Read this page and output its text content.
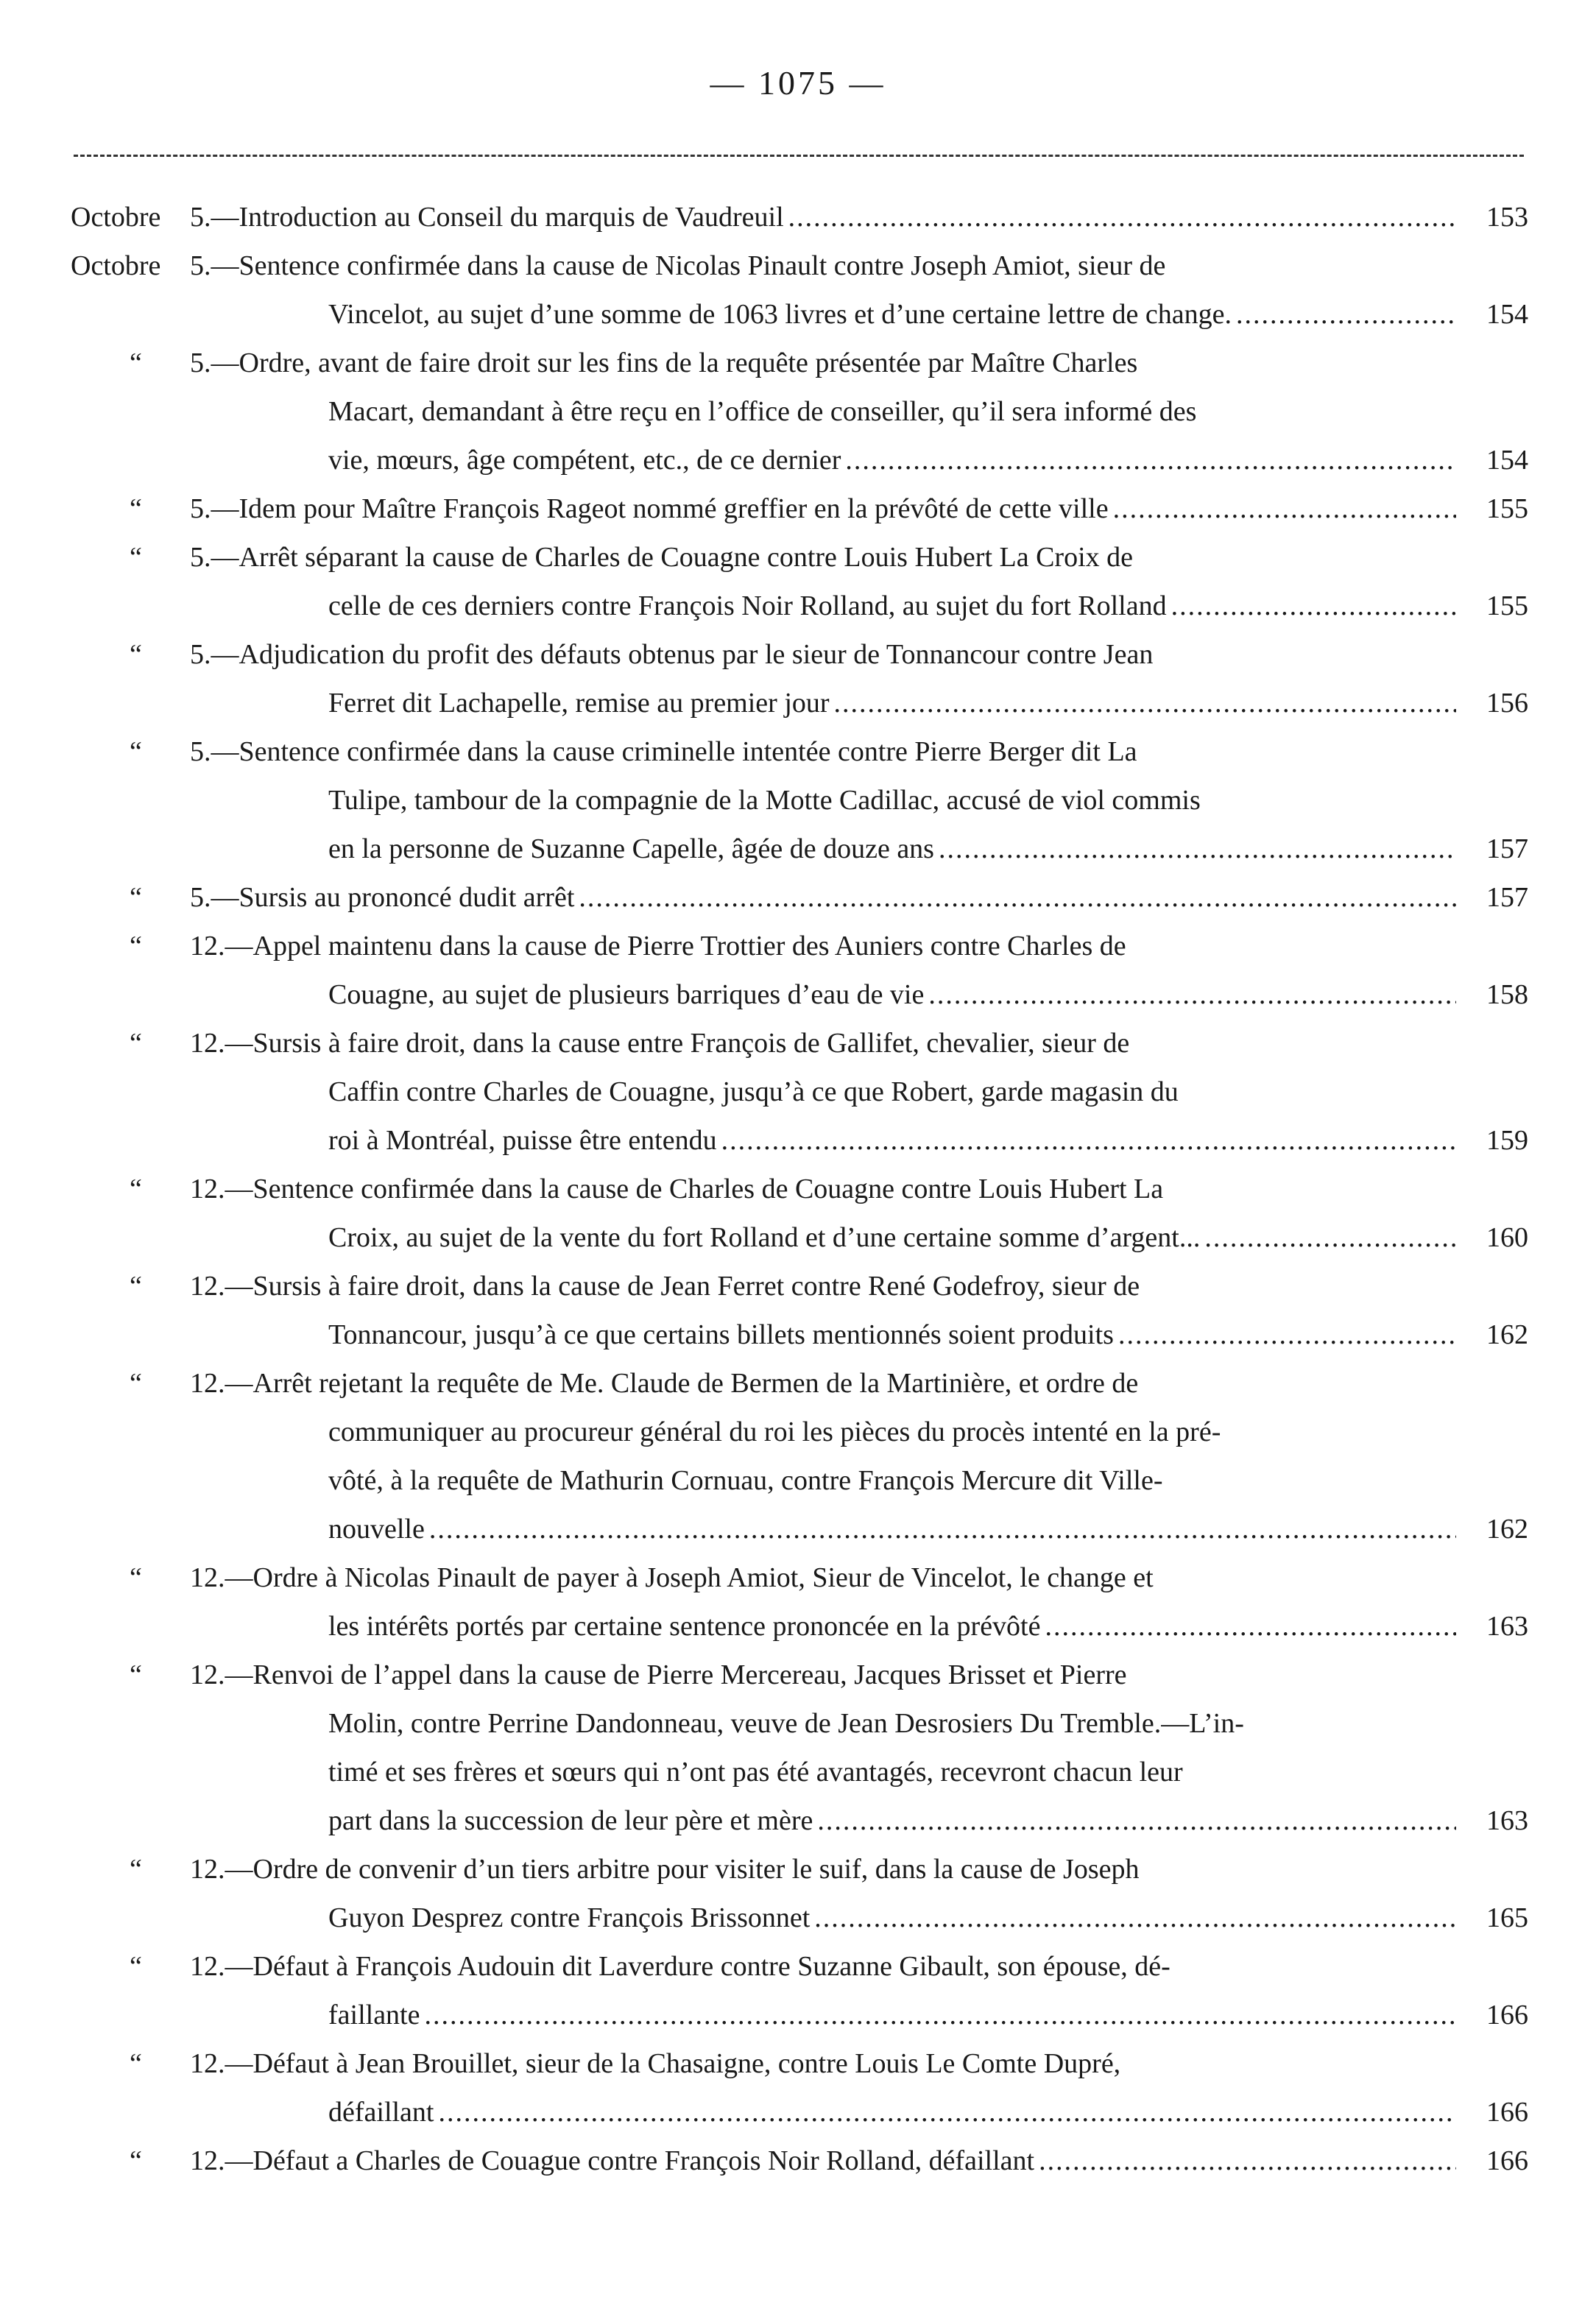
— 1075 —
Octobre 5.—Introduction au Conseil du marquis de Vaudreuil .....	153
Octobre 5.—Sentence confirmée dans la cause de Nicolas Pinault contre Joseph Amiot, sieur de
Vincelot, au sujet d’une somme de 1063 livres et d’une certaine lettre de change. .....	154
“ 5.—Ordre, avant de faire droit sur les fins de la requête présentée par Maître Charles
Macart, demandant à être reçu en l’office de conseiller, qu’il sera informé des
vie, mœurs, âge compétent, etc., de ce dernier .....	154
“ 5.—Idem pour Maître François Rageot nommé greffier en la prévôté de cette ville .....	155
“ 5.—Arrêt séparant la cause de Charles de Couagne contre Louis Hubert La Croix de
celle de ces derniers contre François Noir Rolland, au sujet du fort Rolland .....	155
“ 5.—Adjudication du profit des défauts obtenus par le sieur de Tonnancour contre Jean
Ferret dit Lachapelle, remise au premier jour .....	156
“ 5.—Sentence confirmée dans la cause criminelle intentée contre Pierre Berger dit La
Tulipe, tambour de la compagnie de la Motte Cadillac, accusé de viol commis
en la personne de Suzanne Capelle, âgée de douze ans .....	157
“ 5.—Sursis au prononcé dudit arrêt .....	157
“ 12.—Appel maintenu dans la cause de Pierre Trottier des Auniers contre Charles de
Couagne, au sujet de plusieurs barriques d’eau de vie .....	158
“ 12.—Sursis à faire droit, dans la cause entre François de Gallifet, chevalier, sieur de
Caffin contre Charles de Couagne, jusqu’à ce que Robert, garde magasin du
roi à Montréal, puisse être entendu .....	159
“ 12.—Sentence confirmée dans la cause de Charles de Couagne contre Louis Hubert La
Croix, au sujet de la vente du fort Rolland et d’une certaine somme d’argent... .....	160
“ 12.—Sursis à faire droit, dans la cause de Jean Ferret contre René Godefroy, sieur de
Tonnancour, jusqu’à ce que certains billets mentionnés soient produits .....	162
“ 12.—Arrêt rejetant la requête de Me. Claude de Bermen de la Martinière, et ordre de
communiquer au procureur général du roi les pièces du procès intenté en la pré-
vôté, à la requête de Mathurin Cornuau, contre François Mercure dit Ville-
nouvelle .....	162
“ 12.—Ordre à Nicolas Pinault de payer à Joseph Amiot, Sieur de Vincelot, le change et
les intérêts portés par certaine sentence prononcée en la prévôté .....	163
“ 12.—Renvoi de l’appel dans la cause de Pierre Mercereau, Jacques Brisset et Pierre
Molin, contre Perrine Dandonneau, veuve de Jean Desrosiers Du Tremble.—L’in-
timé et ses frères et sœurs qui n’ont pas été avantagés, recevront chacun leur
part dans la succession de leur père et mère .....	163
“ 12.—Ordre de convenir d’un tiers arbitre pour visiter le suif, dans la cause de Joseph
Guyon Desprez contre François Brissonnet .....	165
“ 12.—Défaut à François Audouin dit Laverdure contre Suzanne Gibault, son épouse, dé-
faillante .....	166
“ 12.—Défaut à Jean Brouillet, sieur de la Chasaigne, contre Louis Le Comte Dupré,
défaillant .....	166
“ 12.—Défaut a Charles de Couague contre François Noir Rolland, défaillant .....	166
